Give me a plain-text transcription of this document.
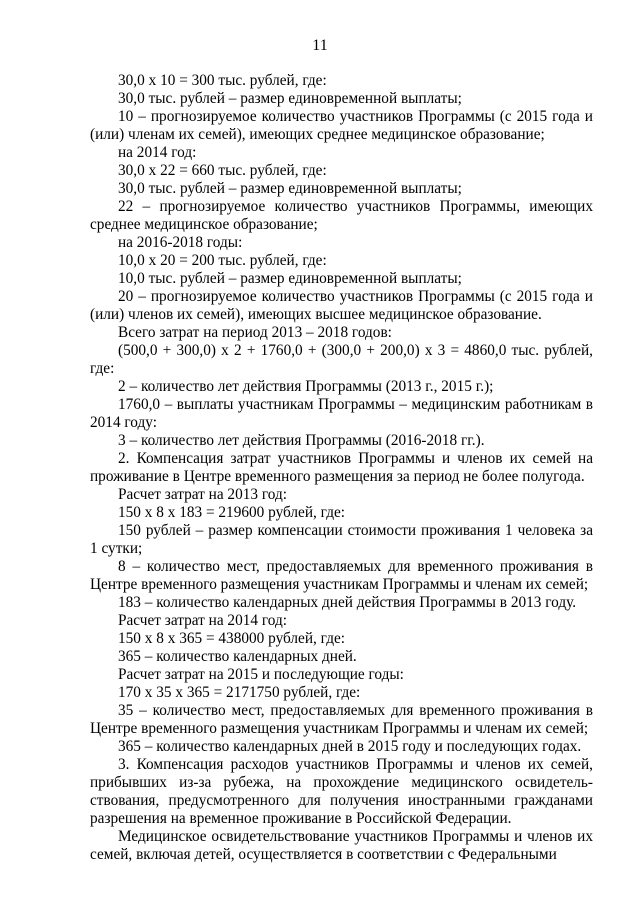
11

30,0 х 10 = 300 тыс. рублей, где:

30,0 тыс. рублей – размер единовременной выплаты;

10 – прогнозируемое количество участников Программы (с 2015 года и (или) членам их семей), имеющих среднее медицинское образование;

на 2014 год:

30,0 х 22 = 660 тыс. рублей, где:

30,0 тыс. рублей – размер единовременной выплаты;

22 – прогнозируемое количество участников Программы, имеющих среднее медицинское образование;

на 2016-2018 годы:

10,0 х 20 = 200 тыс. рублей, где:

10,0 тыс. рублей – размер единовременной выплаты;

20 – прогнозируемое количество участников Программы (с 2015 года и (или) членов их семей), имеющих высшее медицинское образование.

Всего затрат на период 2013 – 2018 годов:

(500,0 + 300,0) х 2 + 1760,0 + (300,0 + 200,0) х 3 = 4860,0 тыс. рублей, где:

2 – количество лет действия Программы (2013 г., 2015 г.);

1760,0 – выплаты участникам Программы – медицинским работникам в 2014 году:

3 – количество лет действия Программы (2016-2018 гг.).

2. Компенсация затрат участников Программы и членов их семей на проживание в Центре временного размещения за период не более полугода.

Расчет затрат на 2013 год:

150 х 8 х 183 = 219600 рублей, где:

150 рублей – размер компенсации стоимости проживания 1 человека за 1 сутки;

8 – количество мест, предоставляемых для временного проживания в Центре временного размещения участникам Программы и членам их семей;

183 – количество календарных дней действия Программы в 2013 году.

Расчет затрат на 2014 год:

150 х 8 х 365 = 438000 рублей, где:

365 – количество календарных дней.

Расчет затрат на 2015 и последующие годы:

170 х 35 х 365 = 2171750 рублей, где:

35 – количество мест, предоставляемых для временного проживания в Центре временного размещения участникам Программы и членам их семей;

365 – количество календарных дней в 2015 году и последующих годах.

3. Компенсация расходов участников Программы и членов их семей, прибывших из-за рубежа, на прохождение медицинского освидетель-ствования, предусмотренного для получения иностранными гражданами разрешения на временное проживание в Российской Федерации.

Медицинское освидетельствование участников Программы и членов их семей, включая детей, осуществляется в соответствии с Федеральными
